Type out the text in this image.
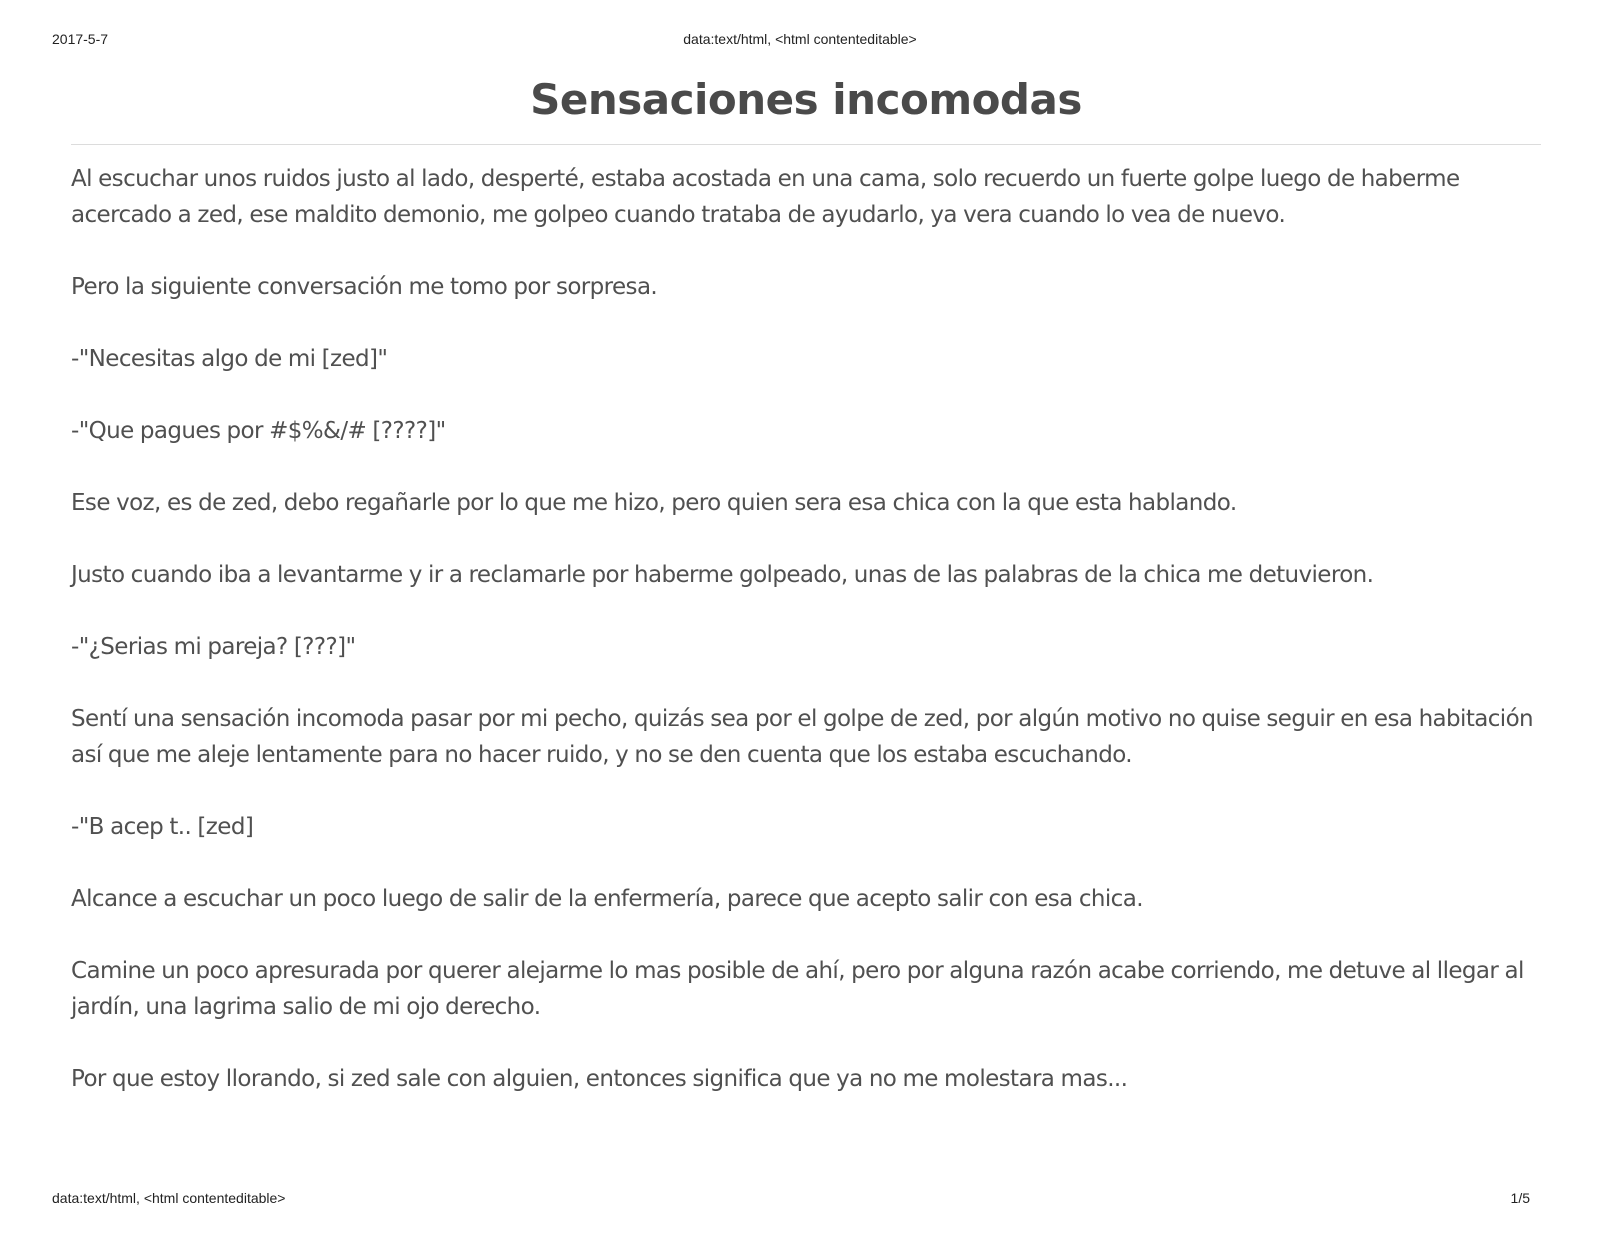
2017-5-7	data:text/html, <html contenteditable>
Sensaciones incomodas

Al escuchar unos ruidos justo al lado, desperté, estaba acostada en una cama, solo recuerdo un fuerte golpe luego de haberme acercado a zed, ese maldito demonio, me golpeo cuando trataba de ayudarlo, ya vera cuando lo vea de nuevo.

Pero la siguiente conversación me tomo por sorpresa.

-"Necesitas algo de mi [zed]"

-"Que pagues por #$%&/# [????]"

Ese voz, es de zed, debo regañarle por lo que me hizo, pero quien sera esa chica con la que esta hablando.

Justo cuando iba a levantarme y ir a reclamarle por haberme golpeado, unas de las palabras de la chica me detuvieron.

-"¿Serias mi pareja? [???]"

Sentí una sensación incomoda pasar por mi pecho, quizás sea por el golpe de zed, por algún motivo no quise seguir en esa habitación así que me aleje lentamente para no hacer ruido, y no se den cuenta que los estaba escuchando.

-"B acep t.. [zed]

Alcance a escuchar un poco luego de salir de la enfermería, parece que acepto salir con esa chica.

Camine un poco apresurada por querer alejarme lo mas posible de ahí, pero por alguna razón acabe corriendo, me detuve al llegar al jardín, una lagrima salio de mi ojo derecho.

Por que estoy llorando, si zed sale con alguien, entonces significa que ya no me molestara mas...

data:text/html, <html contenteditable>	1/5
